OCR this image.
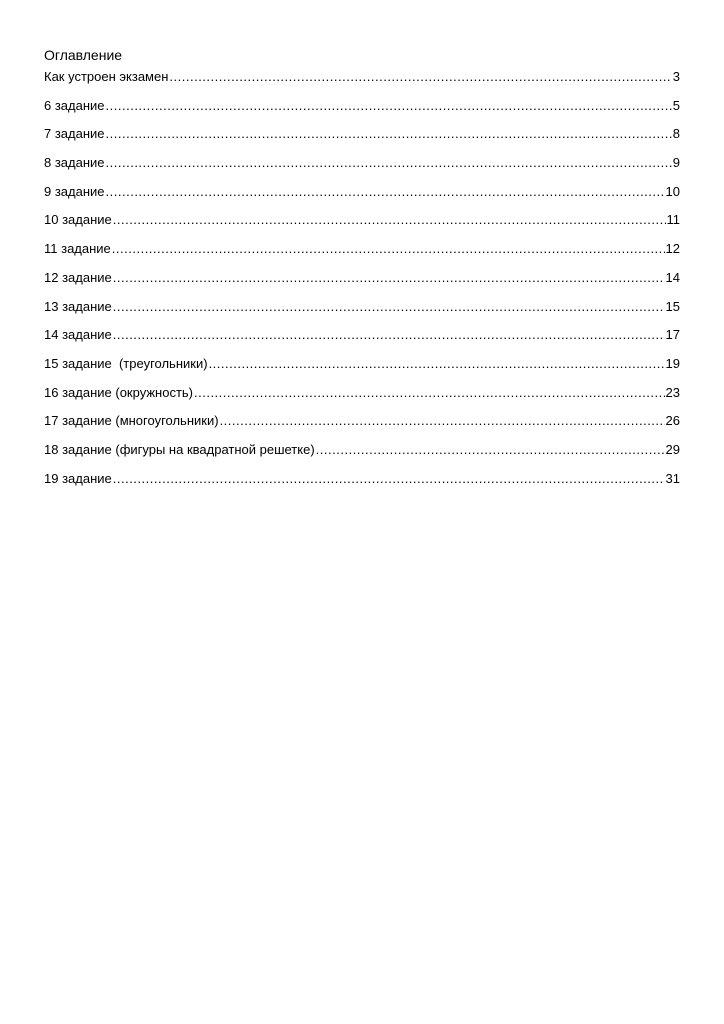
Оглавление
Как устроен экзамен .....	3
6 задание .....	5
7 задание .....	8
8 задание .....	9
9 задание .....	10
10 задание .....	11
11 задание .....	12
12 задание .....	14
13 задание .....	15
14 задание .....	17
15 задание  (треугольники) .....	19
16 задание (окружность) .....	23
17 задание (многоугольники) .....	26
18 задание (фигуры на квадратной решетке) .....	29
19 задание .....	31
